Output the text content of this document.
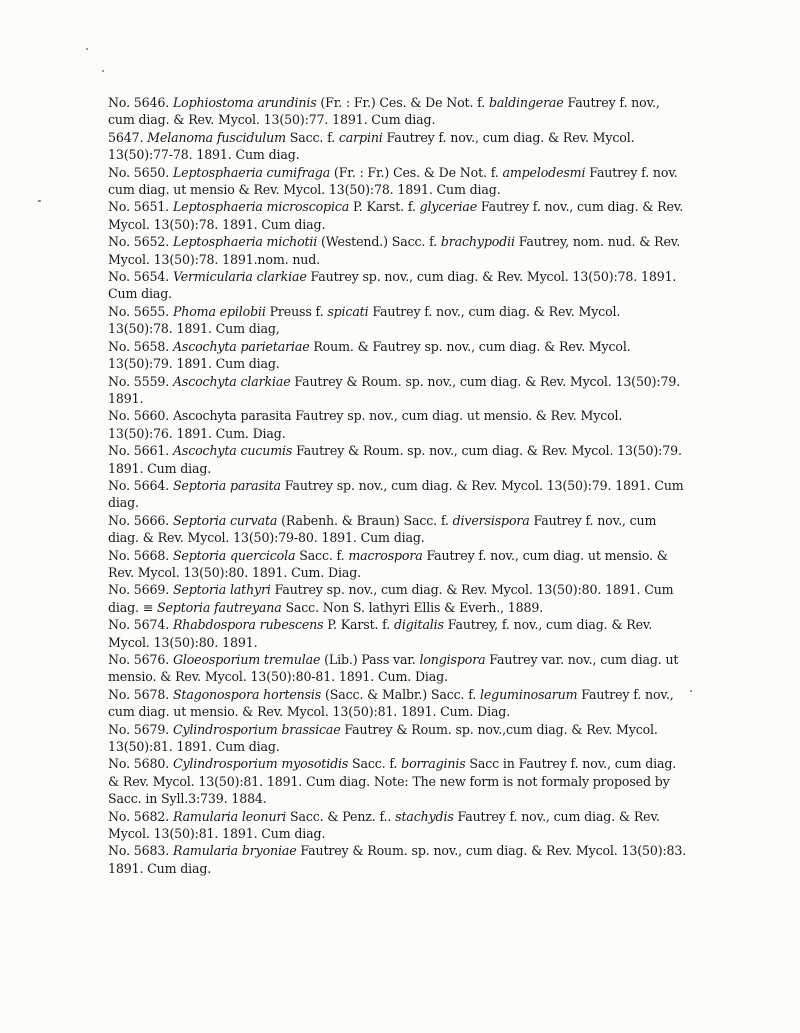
No. 5646. Lophiostoma arundinis (Fr. : Fr.) Ces. & De Not. f. baldingerae Fautrey f. nov., cum diag. & Rev. Mycol. 13(50):77. 1891. Cum diag.

5647. Melanoma fuscidulum Sacc. f. carpini Fautrey f. nov., cum diag. & Rev. Mycol. 13(50):77-78. 1891. Cum diag.

No. 5650. Leptosphaeria cumifraga (Fr. : Fr.) Ces. & De Not. f. ampelodesmi Fautrey f. nov. cum diag. ut mensio & Rev. Mycol. 13(50):78. 1891. Cum diag.

No. 5651. Leptosphaeria microscopica P. Karst. f. glyceriae Fautrey f. nov., cum diag. & Rev. Mycol. 13(50):78. 1891. Cum diag.

No. 5652. Leptosphaeria michotii (Westend.) Sacc. f. brachypodii Fautrey, nom. nud. & Rev. Mycol. 13(50):78. 1891.nom. nud.

No. 5654. Vermicularia clarkiae Fautrey sp. nov., cum diag. & Rev. Mycol. 13(50):78. 1891. Cum diag.

No. 5655. Phoma epilobii Preuss f. spicati Fautrey f. nov., cum diag. & Rev. Mycol. 13(50):78. 1891. Cum diag,

No. 5658. Ascochyta parietariae Roum. & Fautrey sp. nov., cum diag. & Rev. Mycol. 13(50):79. 1891. Cum diag.

No. 5559. Ascochyta clarkiae Fautrey & Roum. sp. nov., cum diag. & Rev. Mycol. 13(50):79. 1891.

No. 5660. Ascochyta parasita Fautrey sp. nov., cum diag. ut mensio. & Rev. Mycol. 13(50):76. 1891. Cum. Diag.

No. 5661. Ascochyta cucumis Fautrey & Roum. sp. nov., cum diag. & Rev. Mycol. 13(50):79. 1891. Cum diag.

No. 5664. Septoria parasita Fautrey sp. nov., cum diag. & Rev. Mycol. 13(50):79. 1891. Cum diag.

No. 5666. Septoria curvata (Rabenh. & Braun) Sacc. f. diversispora Fautrey f. nov., cum diag. & Rev. Mycol. 13(50):79-80. 1891. Cum diag.

No. 5668. Septoria quercicola Sacc. f. macrospora Fautrey f. nov., cum diag. ut mensio. & Rev. Mycol. 13(50):80. 1891. Cum. Diag.

No. 5669. Septoria lathyri Fautrey sp. nov., cum diag. & Rev. Mycol. 13(50):80. 1891. Cum diag. ≡ Septoria fautreyana Sacc. Non S. lathyri Ellis & Everh., 1889.

No. 5674. Rhabdospora rubescens P. Karst. f. digitalis Fautrey, f. nov., cum diag. & Rev. Mycol. 13(50):80. 1891.

No. 5676. Gloeosporium tremulae (Lib.) Pass var. longispora Fautrey var. nov., cum diag. ut mensio. & Rev. Mycol. 13(50):80-81. 1891. Cum. Diag.

No. 5678. Stagonospora hortensis (Sacc. & Malbr.) Sacc. f. leguminosarum Fautrey f. nov., cum diag. ut mensio. & Rev. Mycol. 13(50):81. 1891. Cum. Diag.

No. 5679. Cylindrosporium brassicae Fautrey & Roum. sp. nov.,cum diag. & Rev. Mycol. 13(50):81. 1891. Cum diag.

No. 5680. Cylindrosporium myosotidis Sacc. f. borraginis Sacc in Fautrey f. nov., cum diag. & Rev. Mycol. 13(50):81. 1891. Cum diag. Note: The new form is not formaly proposed by Sacc. in Syll.3:739. 1884.

No. 5682. Ramularia leonuri Sacc. & Penz. f.. stachydis Fautrey f. nov., cum diag. & Rev. Mycol. 13(50):81. 1891. Cum diag.

No. 5683. Ramularia bryoniae Fautrey & Roum. sp. nov., cum diag. & Rev. Mycol. 13(50):83. 1891. Cum diag.
